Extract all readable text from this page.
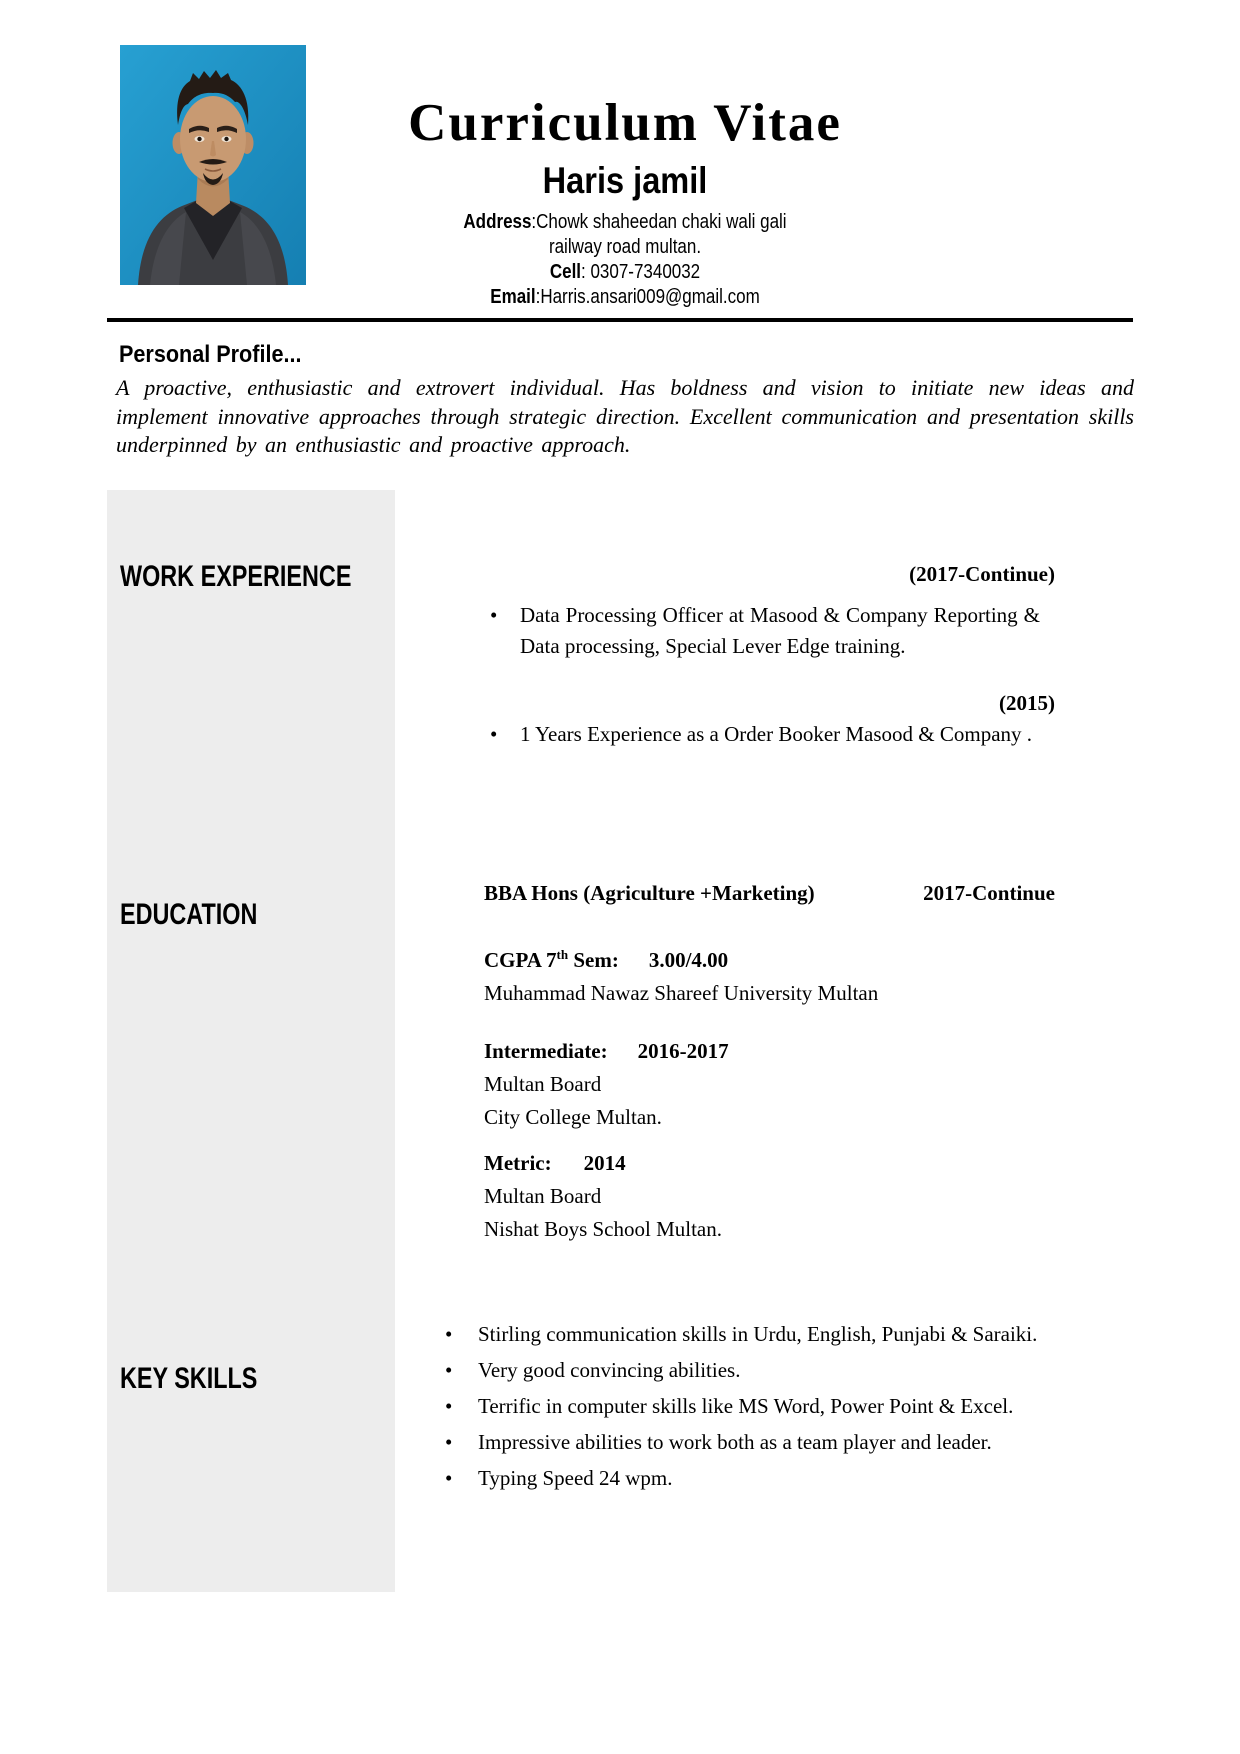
Curriculum Vitae
Haris jamil
Address:Chowk shaheedan chaki wali gali
railway road multan.
Cell: 0307-7340032
Email:Harris.ansari009@gmail.com
Personal Profile...
A proactive, enthusiastic and extrovert individual. Has boldness and vision to initiate new ideas and implement innovative approaches through strategic direction. Excellent communication and presentation skills underpinned by an enthusiastic and proactive approach.
WORK EXPERIENCE
EDUCATION
KEY SKILLS
(2017-Continue)
• Data Processing Officer at Masood & Company Reporting & Data processing, Special Lever Edge training.
(2015)
• 1 Years Experience as a Order Booker Masood & Company .
BBA Hons (Agriculture +Marketing)	2017-Continue
CGPA 7th Sem: 3.00/4.00
Muhammad Nawaz Shareef University Multan
Intermediate: 2016-2017
Multan Board
City College Multan.
Metric: 2014
Multan Board
Nishat Boys School Multan.
• Stirling communication skills in Urdu, English, Punjabi & Saraiki.
• Very good convincing abilities.
• Terrific in computer skills like MS Word, Power Point & Excel.
• Impressive abilities to work both as a team player and leader.
• Typing Speed 24 wpm.
